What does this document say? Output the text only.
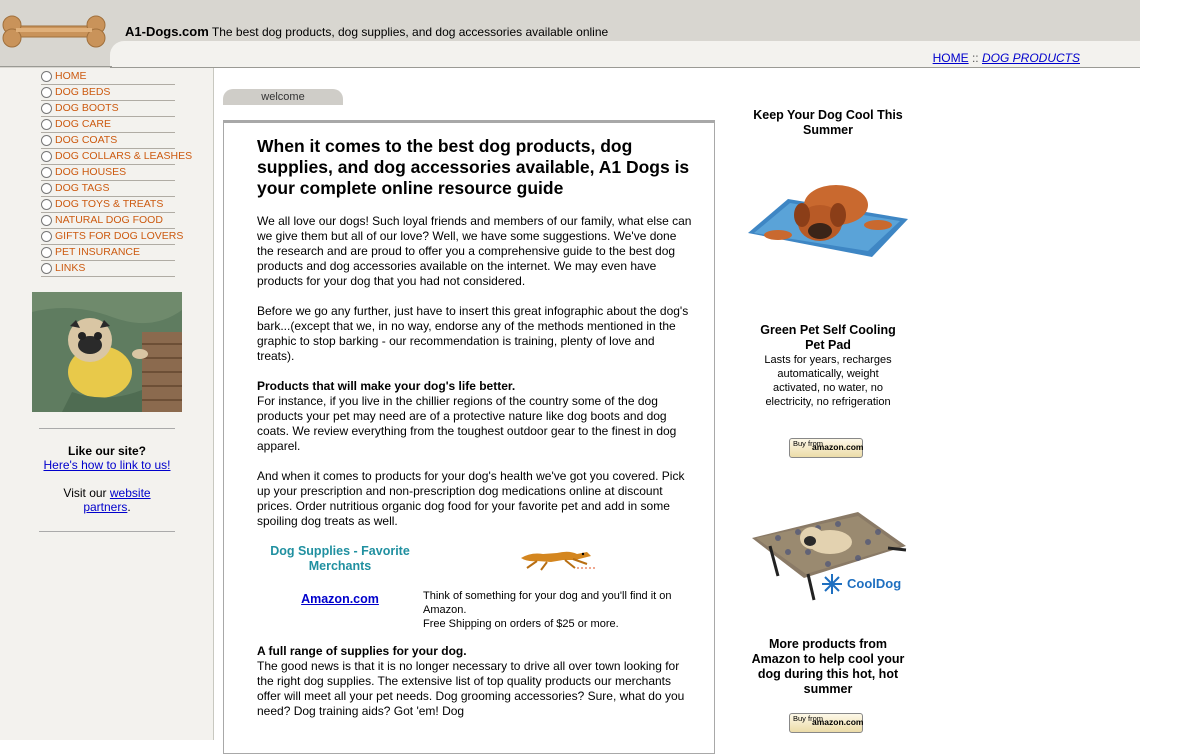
A1-Dogs.com The best dog products, dog supplies, and dog accessories available online
HOME :: DOG PRODUCTS
HOME
DOG BEDS
DOG BOOTS
DOG CARE
DOG COATS
DOG COLLARS & LEASHES
DOG HOUSES
DOG TAGS
DOG TOYS & TREATS
NATURAL DOG FOOD
GIFTS FOR DOG LOVERS
PET INSURANCE
LINKS
Like our site?
Here's how to link to us!
Visit our website partners.
welcome
When it comes to the best dog products, dog supplies, and dog accessories available, A1 Dogs is your complete online resource guide

We all love our dogs! Such loyal friends and members of our family, what else can we give them but all of our love? Well, we have some suggestions. We've done the research and are proud to offer you a comprehensive guide to the best dog products and dog accessories available on the internet. We may even have products for your dog that you had not considered.

Before we go any further, just have to insert this great infographic about the dog's bark...(except that we, in no way, endorse any of the methods mentioned in the graphic to stop barking - our recommendation is training, plenty of love and treats).

Products that will make your dog's life better.
For instance, if you live in the chillier regions of the country some of the dog products your pet may need are of a protective nature like dog boots and dog coats. We review everything from the toughest outdoor gear to the finest in dog apparel.

And when it comes to products for your dog's health we've got you covered. Pick up your prescription and non-prescription dog medications online at discount prices. Order nutritious organic dog food for your favorite pet and add in some spoiling dog treats as well.

Dog Supplies - Favorite Merchants
Amazon.com	Think of something for your dog and you'll find it on Amazon.
Free Shipping on orders of $25 or more.

A full range of supplies for your dog.
The good news is that it is no longer necessary to drive all over town looking for the right dog supplies. The extensive list of top quality products our merchants offer will meet all your pet needs. Dog grooming accessories? Sure, what do you need? Dog training aids? Got 'em! Dog

Keep Your Dog Cool This Summer
Green Pet Self Cooling Pet Pad
Lasts for years, recharges automatically, weight activated, no water, no electricity, no refrigeration
Buy from
amazon.com
CoolDog
More products from Amazon to help cool your dog during this hot, hot summer
Buy from
amazon.com
